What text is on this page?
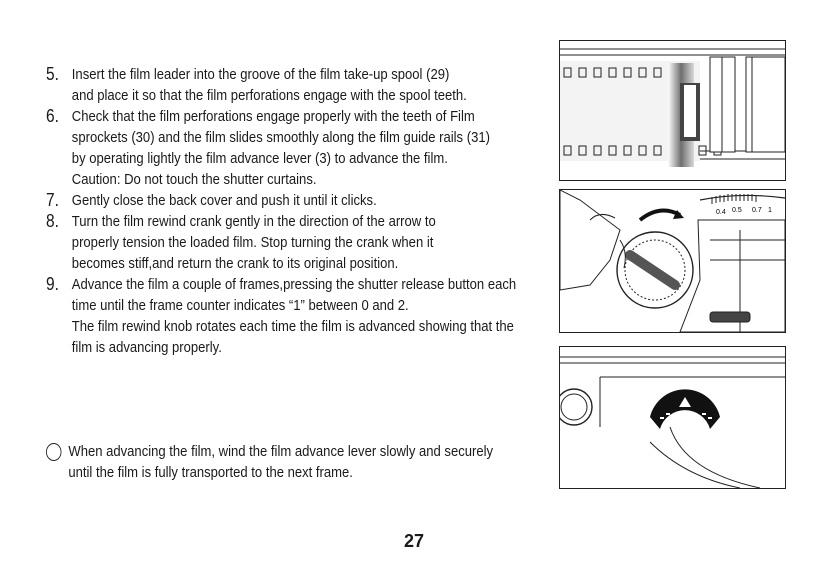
5. Insert the film leader into the groove of the film take-up spool (29)

and place it so that the film perforations engage with the spool teeth.

6. Check that the film perforations engage properly with the teeth of Film

sprockets (30) and the film slides smoothly along the film guide rails (31)

by operating lightly the film advance lever (3) to advance the film.

Caution: Do not touch the shutter curtains.

7. Gently close the back cover and push it until it clicks.

8. Turn the film rewind crank gently in the direction of the arrow to

properly tension the loaded film. Stop turning the crank when it

becomes stiff,and return the crank to its original position.

9. Advance the film a couple of frames,pressing the shutter release button each

time until the frame counter indicates “1” between 0 and 2.

The film rewind knob rotates each time the film is advanced showing that the

film is advancing properly.

When advancing the film, wind the film advance lever slowly and securely

until the film is fully transported to the next frame.

27
0.4 0.5 0.7 1
1
